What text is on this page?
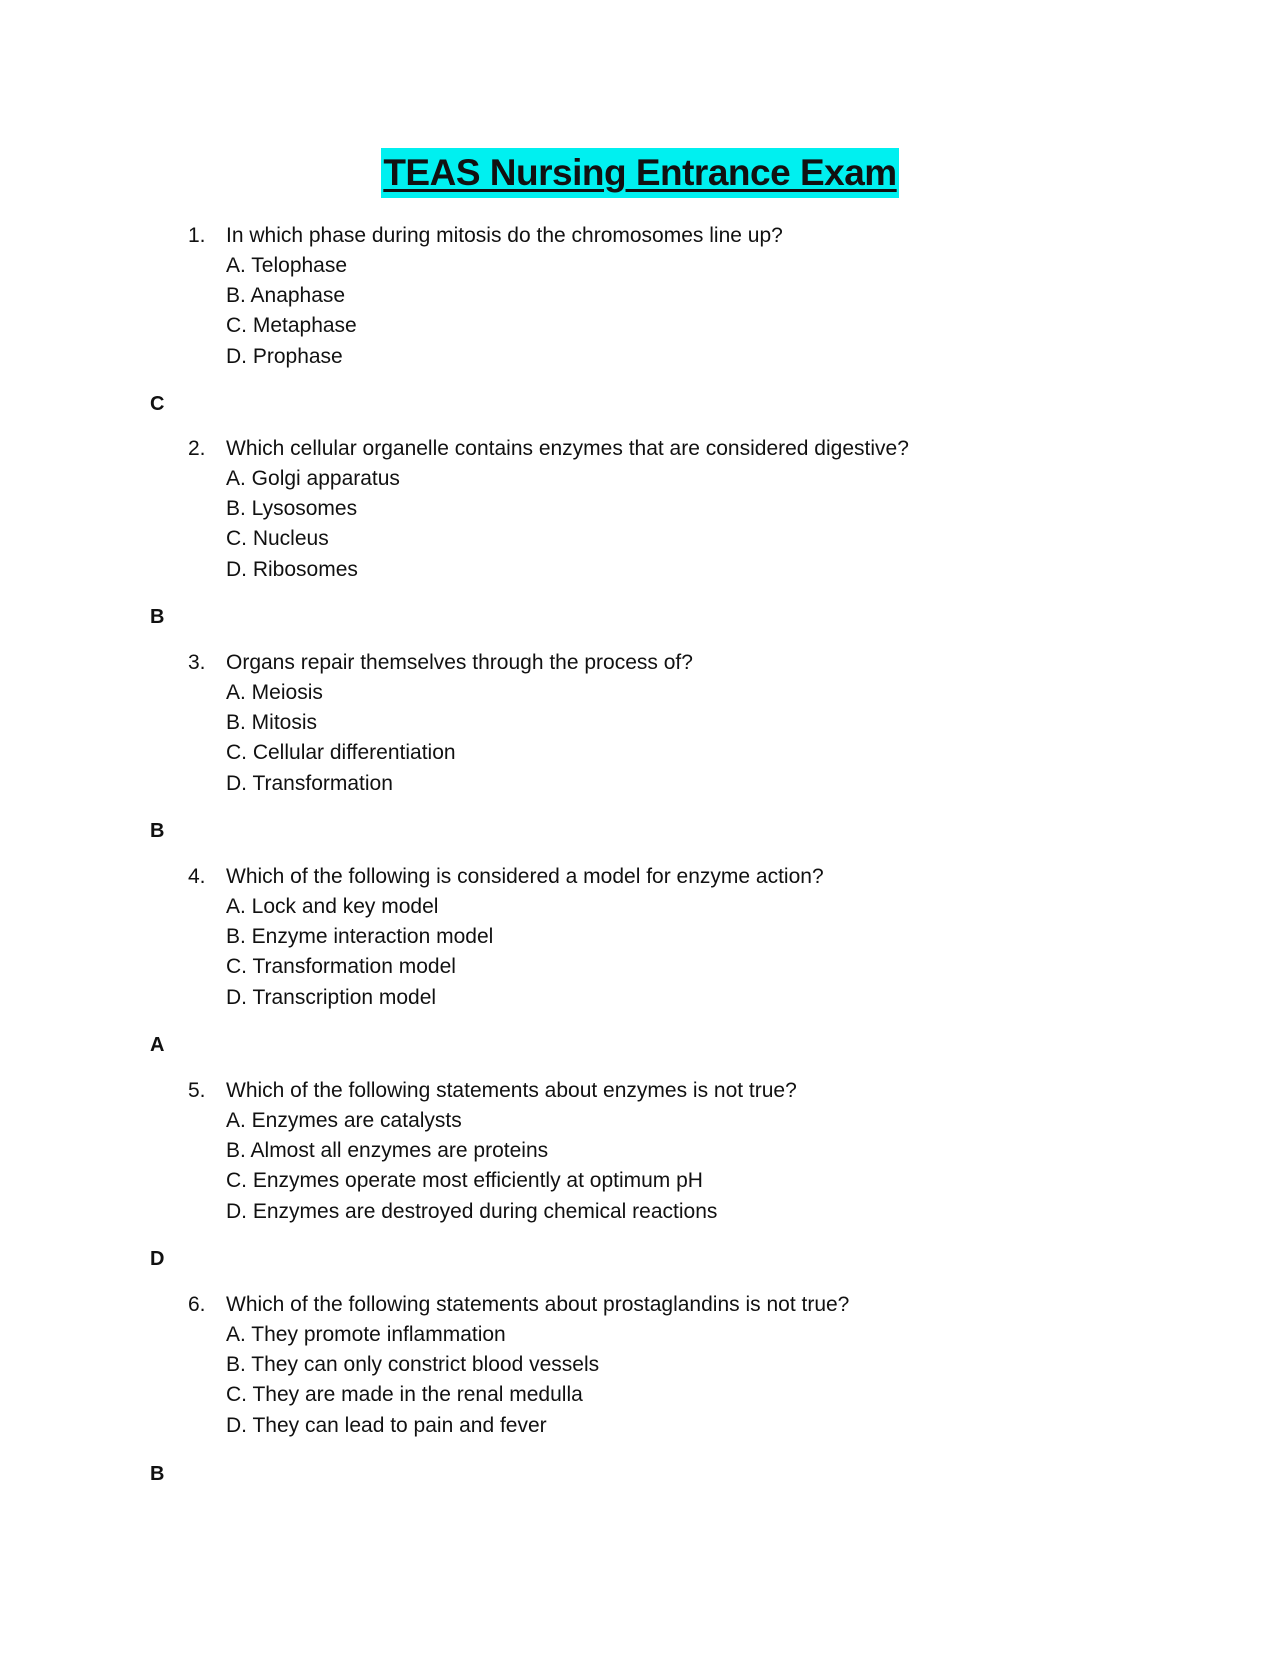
TEAS Nursing Entrance Exam
1. In which phase during mitosis do the chromosomes line up?
A. Telophase
B. Anaphase
C. Metaphase
D. Prophase
C
2. Which cellular organelle contains enzymes that are considered digestive?
A. Golgi apparatus
B. Lysosomes
C. Nucleus
D. Ribosomes
B
3. Organs repair themselves through the process of?
A. Meiosis
B. Mitosis
C. Cellular differentiation
D. Transformation
B
4. Which of the following is considered a model for enzyme action?
A. Lock and key model
B. Enzyme interaction model
C. Transformation model
D. Transcription model
A
5. Which of the following statements about enzymes is not true?
A. Enzymes are catalysts
B. Almost all enzymes are proteins
C. Enzymes operate most efficiently at optimum pH
D. Enzymes are destroyed during chemical reactions
D
6. Which of the following statements about prostaglandins is not true?
A. They promote inflammation
B. They can only constrict blood vessels
C. They are made in the renal medulla
D. They can lead to pain and fever
B
